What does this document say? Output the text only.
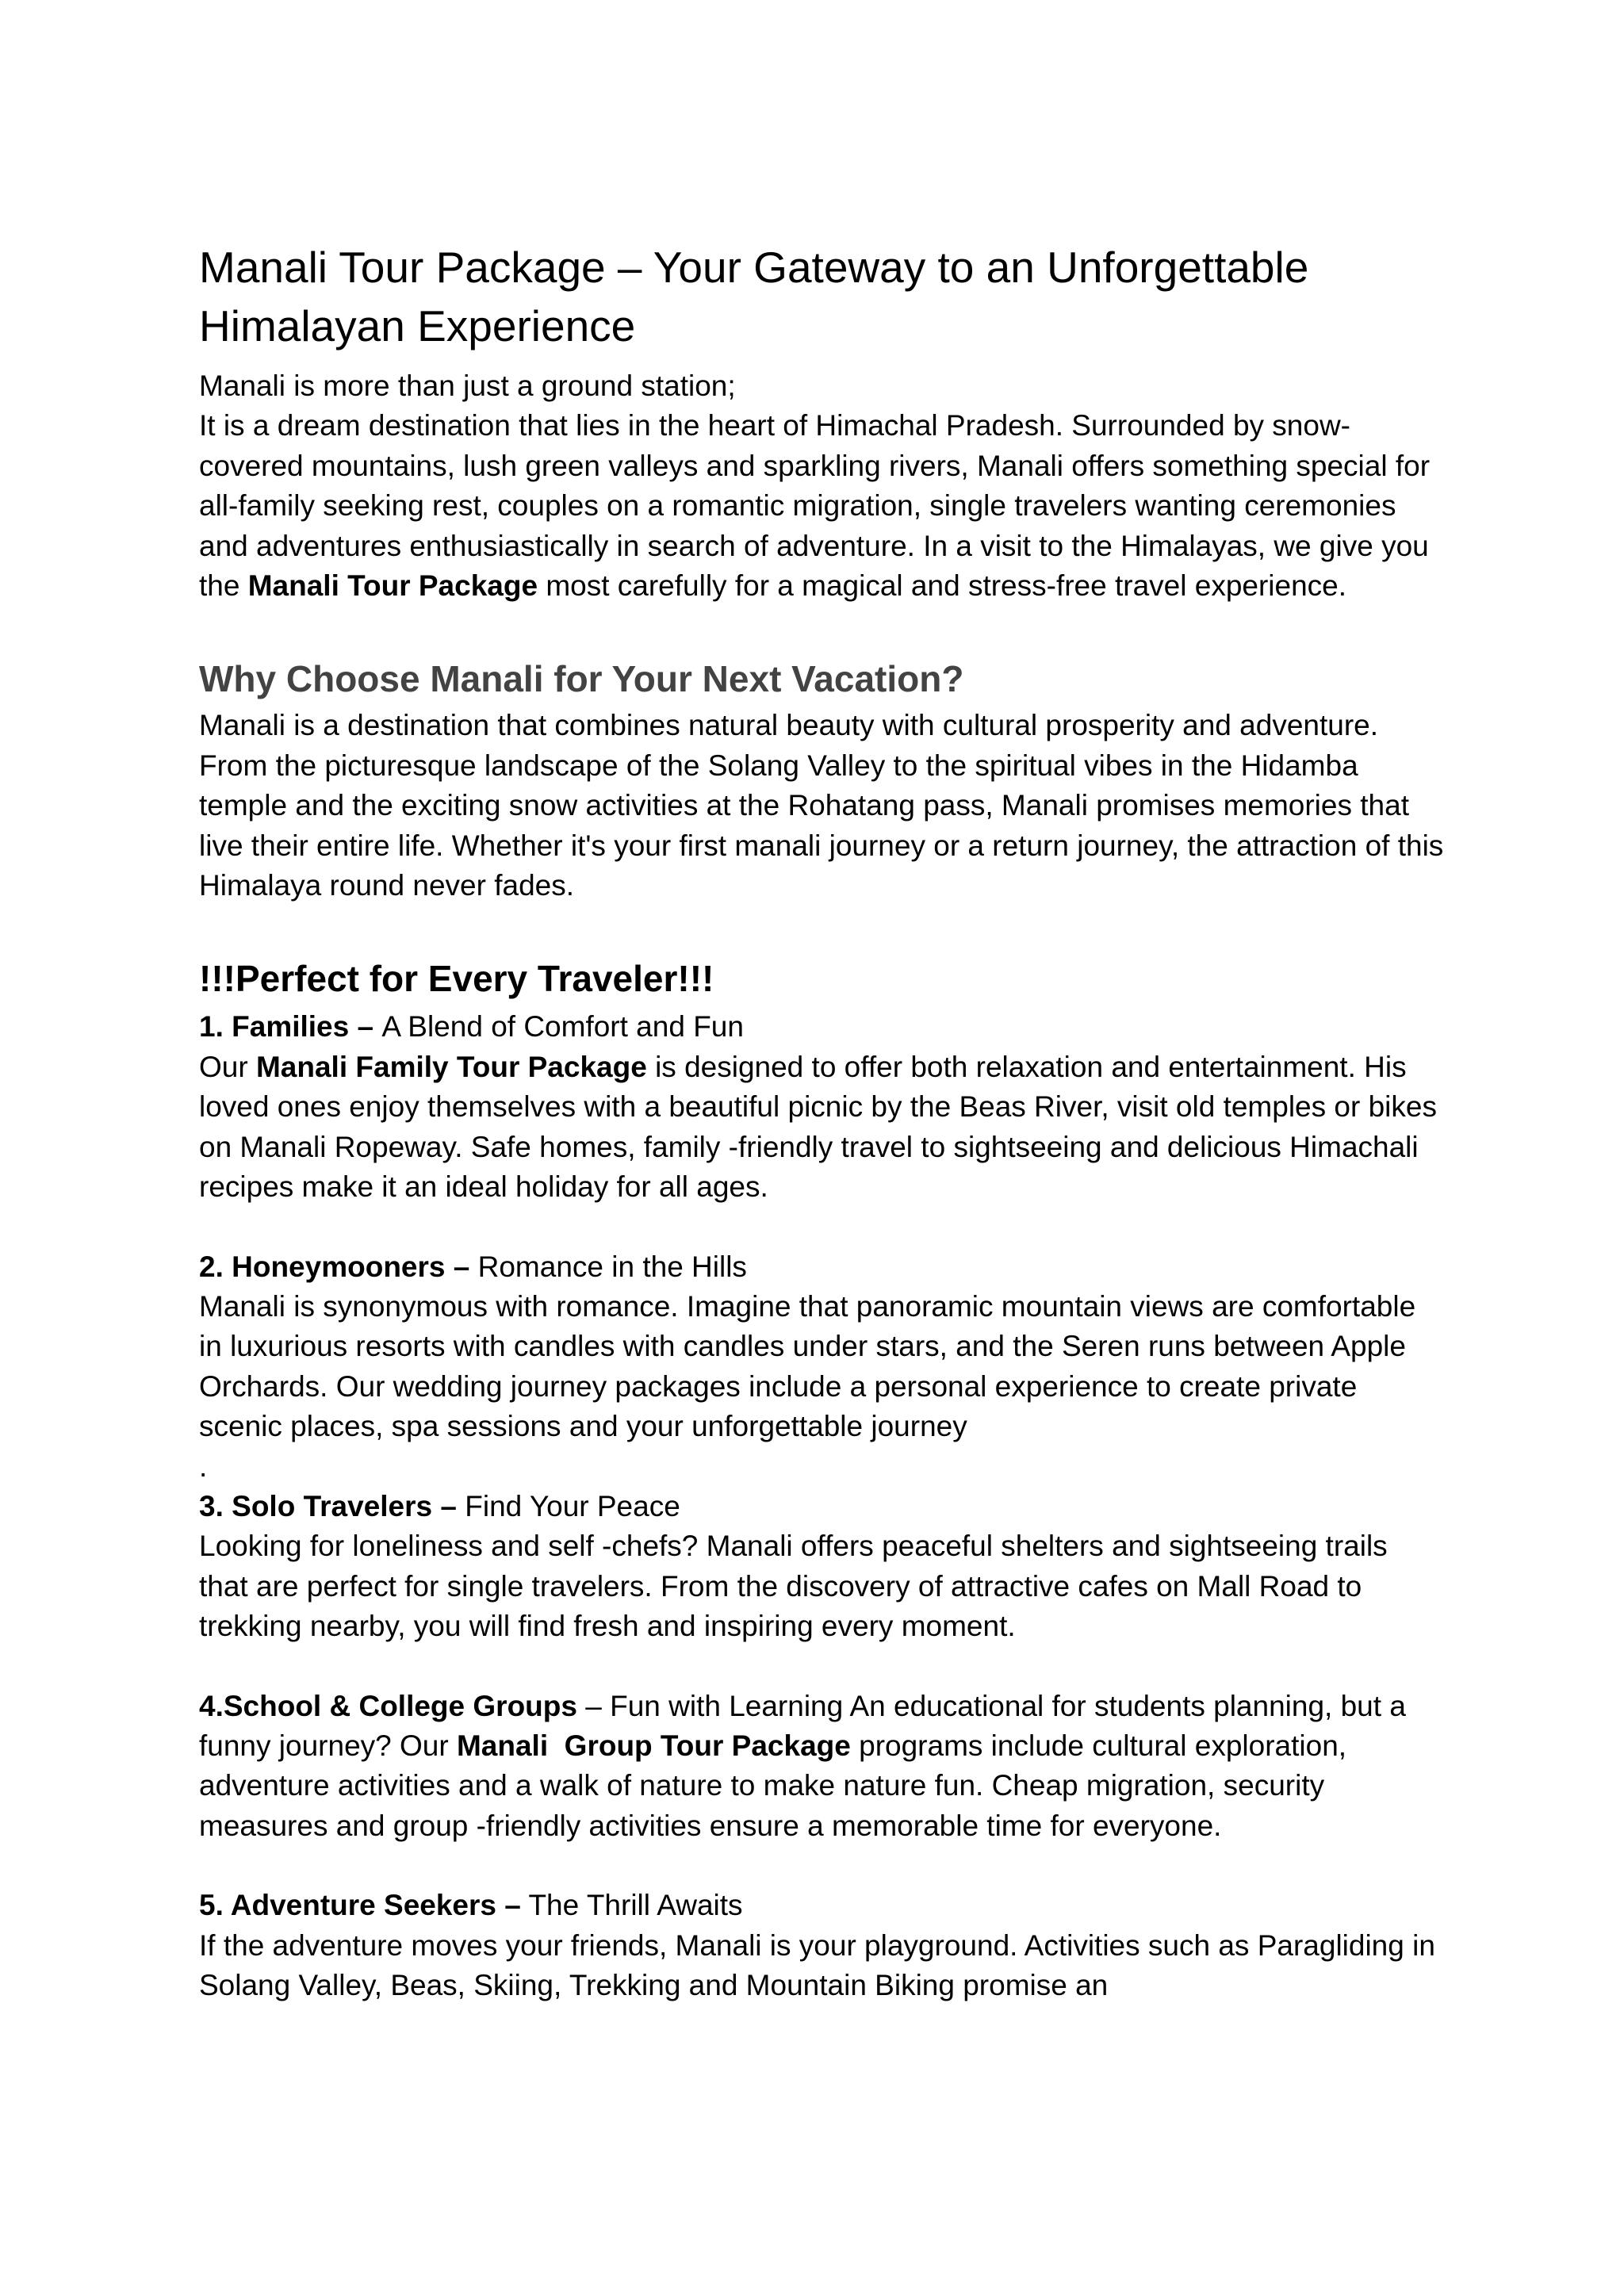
Manali Tour Package – Your Gateway to an Unforgettable Himalayan Experience

Manali is more than just a ground station;
It is a dream destination that lies in the heart of Himachal Pradesh. Surrounded by snow-covered mountains, lush green valleys and sparkling rivers, Manali offers something special for all-family seeking rest, couples on a romantic migration, single travelers wanting ceremonies and adventures enthusiastically in search of adventure. In a visit to the Himalayas, we give you the Manali Tour Package most carefully for a magical and stress-free travel experience.

Why Choose Manali for Your Next Vacation?

Manali is a destination that combines natural beauty with cultural prosperity and adventure. From the picturesque landscape of the Solang Valley to the spiritual vibes in the Hidamba temple and the exciting snow activities at the Rohatang pass, Manali promises memories that live their entire life. Whether it's your first manali journey or a return journey, the attraction of this Himalaya round never fades.

!!!Perfect for Every Traveler!!!

1. Families – A Blend of Comfort and Fun
Our Manali Family Tour Package is designed to offer both relaxation and entertainment. His loved ones enjoy themselves with a beautiful picnic by the Beas River, visit old temples or bikes on Manali Ropeway. Safe homes, family -friendly travel to sightseeing and delicious Himachali recipes make it an ideal holiday for all ages.

2. Honeymooners – Romance in the Hills
Manali is synonymous with romance. Imagine that panoramic mountain views are comfortable in luxurious resorts with candles with candles under stars, and the Seren runs between Apple Orchards. Our wedding journey packages include a personal experience to create private scenic places, spa sessions and your unforgettable journey
.

3. Solo Travelers – Find Your Peace
Looking for loneliness and self -chefs? Manali offers peaceful shelters and sightseeing trails that are perfect for single travelers. From the discovery of attractive cafes on Mall Road to trekking nearby, you will find fresh and inspiring every moment.

4.School & College Groups – Fun with Learning An educational for students planning, but a funny journey? Our Manali  Group Tour Package programs include cultural exploration, adventure activities and a walk of nature to make nature fun. Cheap migration, security measures and group -friendly activities ensure a memorable time for everyone.

5. Adventure Seekers – The Thrill Awaits
If the adventure moves your friends, Manali is your playground. Activities such as Paragliding in Solang Valley, Beas, Skiing, Trekking and Mountain Biking promise an
